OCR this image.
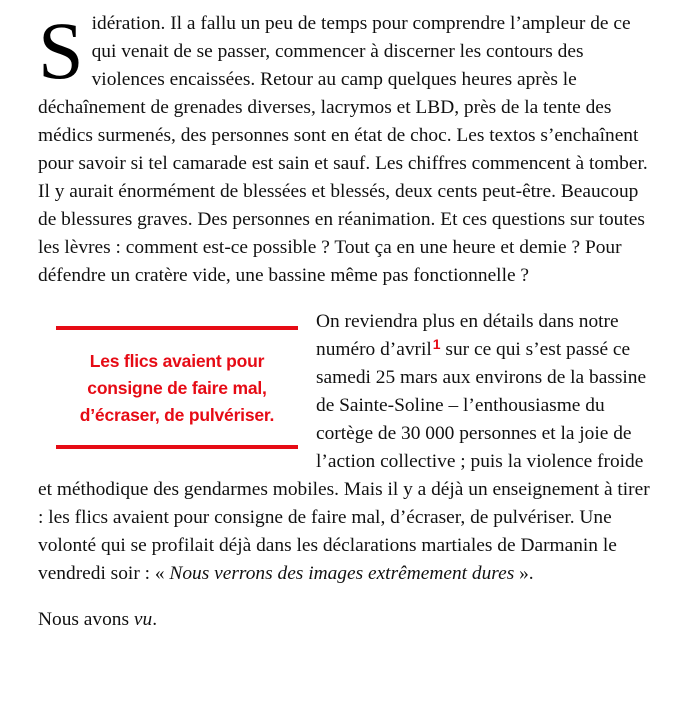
Sidération. Il a fallu un peu de temps pour comprendre l’ampleur de ce qui venait de se passer, commencer à discerner les contours des violences encaissées. Retour au camp quelques heures après le déchaînement de grenades diverses, lacrymos et LBD, près de la tente des médics surmenés, des personnes sont en état de choc. Les textos s’enchaînent pour savoir si tel camarade est sain et sauf. Les chiffres commencent à tomber. Il y aurait énormément de blessées et blessés, deux cents peut-être. Beaucoup de blessures graves. Des personnes en réanimation. Et ces questions sur toutes les lèvres : comment est-ce possible ? Tout ça en une heure et demie ? Pour défendre un cratère vide, une bassine même pas fonctionnelle ?

Les flics avaient pour consigne de faire mal, d’écraser, de pulvériser.
On reviendra plus en détails dans notre numéro d’avril$^1$ sur ce qui s’est passé ce samedi 25 mars aux environs de la bassine de Sainte-Soline – l’enthousiasme du cortège de 30 000 personnes et la joie de l’action collective ; puis la violence froide et méthodique des gendarmes mobiles. Mais il y a déjà un enseignement à tirer : les flics avaient pour consigne de faire mal, d’écraser, de pulvériser. Une volonté qui se profilait déjà dans les déclarations martiales de Darmanin le vendredi soir : « Nous verrons des images extrêmement dures ».

Nous avons vu.
